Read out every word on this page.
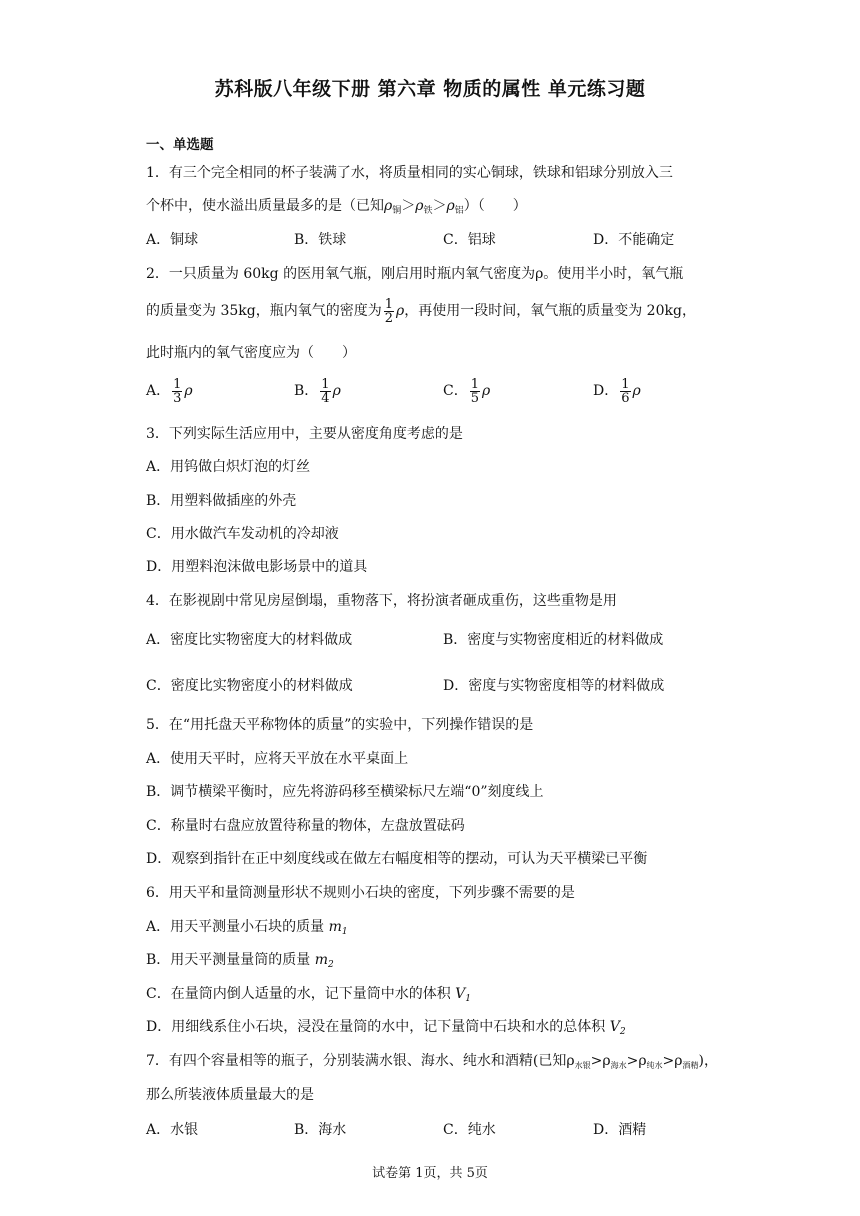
苏科版八年级下册 第六章 物质的属性 单元练习题
一、单选题
1．有三个完全相同的杯子装满了水，将质量相同的实心铜球，铁球和铝球分别放入三
个杯中，使水溢出质量最多的是（已知$\rho_铜>\rho_铁>\rho_铝$）（　　）
A．铜球	B．铁球	C．铝球	D．不能确定
2．一只质量为 60kg 的医用氧气瓶，刚启用时瓶内氧气密度为ρ。使用半小时，氧气瓶
的质量变为 35kg，瓶内氧气的密度为 $\frac{1}{2}$ ρ，再使用一段时间，氧气瓶的质量变为 20kg，
此时瓶内的氧气密度应为（　　）
A． $\frac{1}{3}$ ρ	B． $\frac{1}{4}$ ρ	C． $\frac{1}{5}$ ρ	D． $\frac{1}{6}$ ρ
3．下列实际生活应用中，主要从密度角度考虑的是
A．用钨做白炽灯泡的灯丝
B．用塑料做插座的外壳
C．用水做汽车发动机的冷却液
D．用塑料泡沫做电影场景中的道具
4．在影视剧中常见房屋倒塌，重物落下，将扮演者砸成重伤，这些重物是用
A．密度比实物密度大的材料做成	B．密度与实物密度相近的材料做成
C．密度比实物密度小的材料做成	D．密度与实物密度相等的材料做成
5．在“用托盘天平称物体的质量”的实验中，下列操作错误的是
A．使用天平时，应将天平放在水平桌面上
B．调节横梁平衡时，应先将游码移至横梁标尺左端“0”刻度线上
C．称量时右盘应放置待称量的物体，左盘放置砝码
D．观察到指针在正中刻度线或在做左右幅度相等的摆动，可认为天平横梁已平衡
6．用天平和量筒测量形状不规则小石块的密度，下列步骤不需要的是
A．用天平测量小石块的质量 $m_1$
B．用天平测量量筒的质量 $m_2$
C．在量筒内倒人适量的水，记下量筒中水的体积 $V_1$
D．用细线系住小石块，浸没在量筒的水中，记下量筒中石块和水的总体积 $V_2$
7．有四个容量相等的瓶子，分别装满水银、海水、纯水和酒精(已知$\rho_{水银}>\rho_{海水}>\rho_{纯水}>\rho_{酒精}$)，
那么所装液体质量最大的是
A．水银	B．海水	C．纯水	D．酒精
试卷第 1页，共 5页
